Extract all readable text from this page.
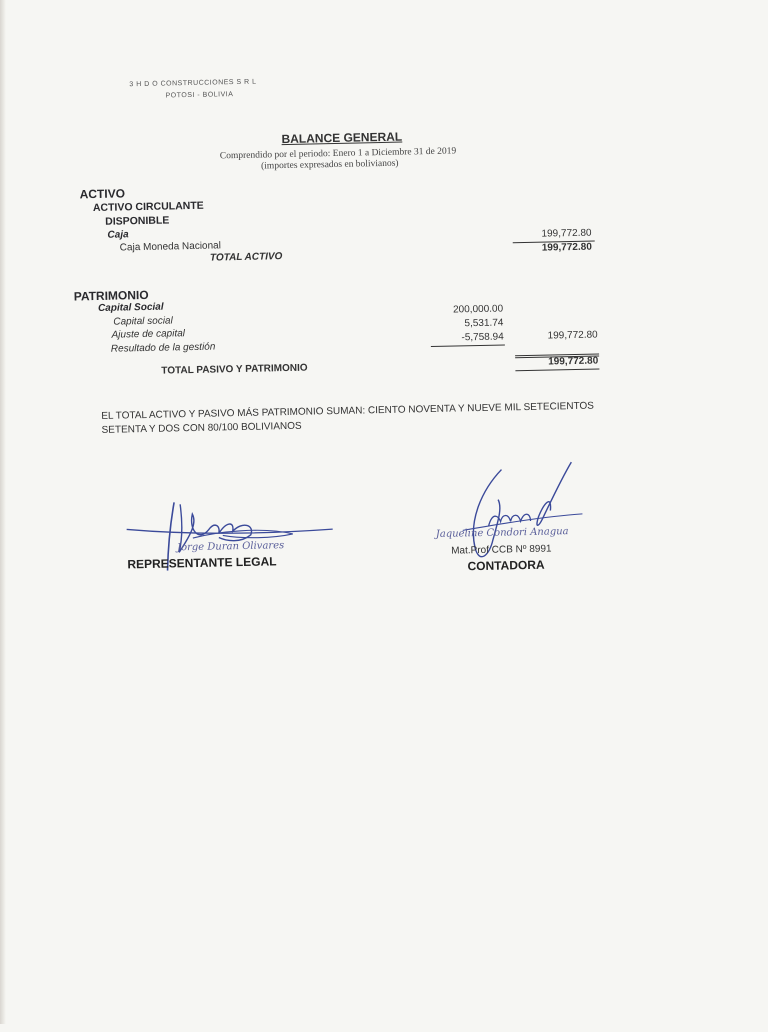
3 H D O CONSTRUCCIONES S R L
POTOSI - BOLIVIA
BALANCE GENERAL
Comprendido por el periodo: Enero 1 a Diciembre 31 de 2019
(importes expresados en bolivianos)
ACTIVO
ACTIVO CIRCULANTE
DISPONIBLE
Caja
Caja Moneda Nacional
199,772.80
TOTAL ACTIVO
199,772.80
PATRIMONIO
Capital Social
Capital social
Ajuste de capital
Resultado de la gestión
200,000.00
5,531.74
-5,758.94	199,772.80
TOTAL PASIVO Y PATRIMONIO
199,772.80
EL TOTAL ACTIVO Y PASIVO MÁS PATRIMONIO SUMAN: CIENTO NOVENTA Y NUEVE MIL SETECIENTOS
SETENTA Y DOS CON 80/100 BOLIVIANOS
Jorge Duran Olivares
REPRESENTANTE LEGAL
Jaqueline Condori Anagua
Mat.Prof CCB Nº 8991
CONTADORA
